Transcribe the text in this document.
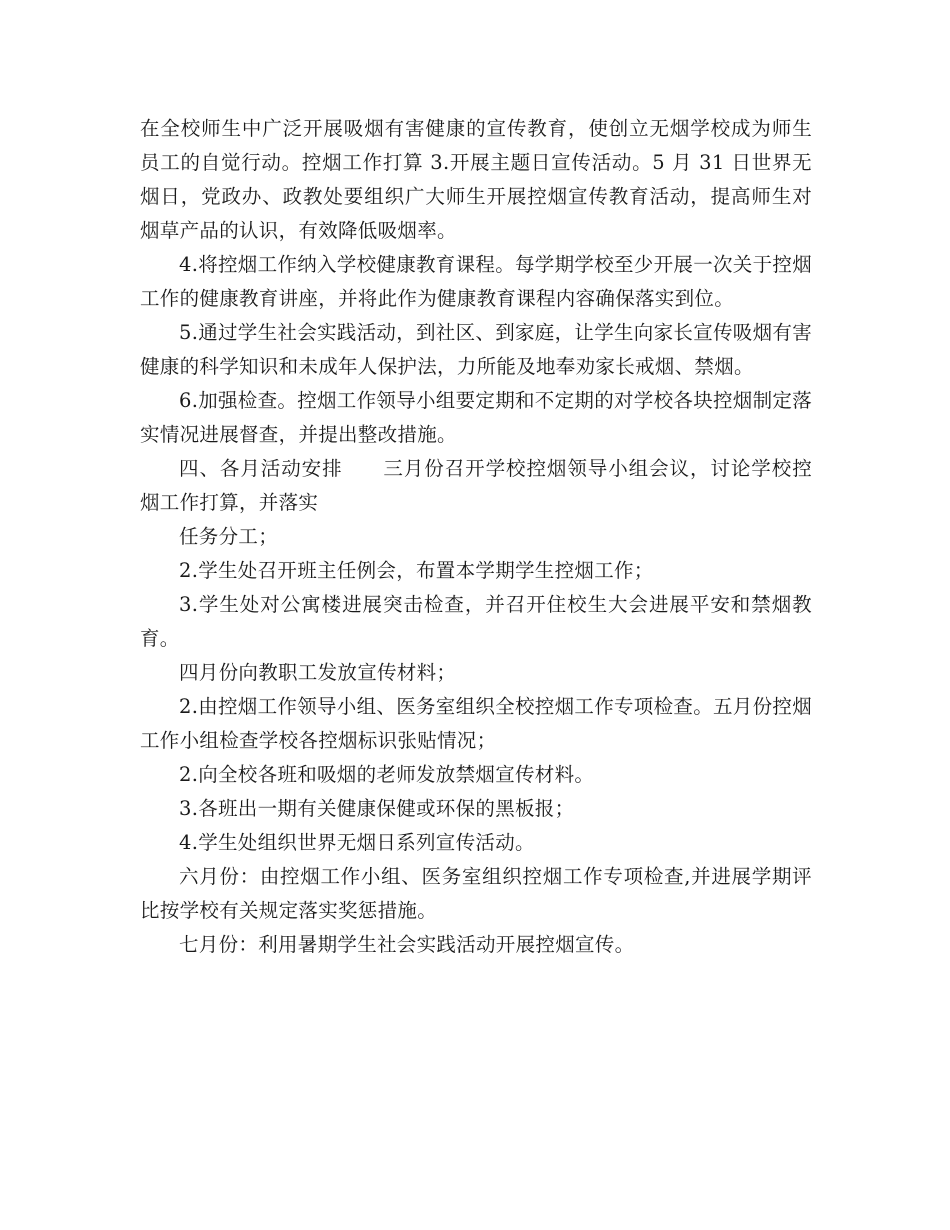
在全校师生中广泛开展吸烟有害健康的宣传教育，使创立无烟学校成为师生员工的自觉行动。控烟工作打算 3.开展主题日宣传活动。5 月 31 日世界无烟日，党政办、政教处要组织广大师生开展控烟宣传教育活动，提高师生对烟草产品的认识，有效降低吸烟率。

4.将控烟工作纳入学校健康教育课程。每学期学校至少开展一次关于控烟工作的健康教育讲座，并将此作为健康教育课程内容确保落实到位。

5.通过学生社会实践活动，到社区、到家庭，让学生向家长宣传吸烟有害健康的科学知识和未成年人保护法，力所能及地奉劝家长戒烟、禁烟。

6.加强检查。控烟工作领导小组要定期和不定期的对学校各块控烟制定落实情况进展督查，并提出整改措施。

四、各月活动安排　　三月份召开学校控烟领导小组会议，讨论学校控烟工作打算，并落实

任务分工；

2.学生处召开班主任例会，布置本学期学生控烟工作；

3.学生处对公寓楼进展突击检查，并召开住校生大会进展平安和禁烟教育。

四月份向教职工发放宣传材料；

2.由控烟工作领导小组、医务室组织全校控烟工作专项检查。五月份控烟工作小组检查学校各控烟标识张贴情况；

2.向全校各班和吸烟的老师发放禁烟宣传材料。

3.各班出一期有关健康保健或环保的黑板报；

4.学生处组织世界无烟日系列宣传活动。

六月份：由控烟工作小组、医务室组织控烟工作专项检查,并进展学期评比按学校有关规定落实奖惩措施。

七月份：利用暑期学生社会实践活动开展控烟宣传。
